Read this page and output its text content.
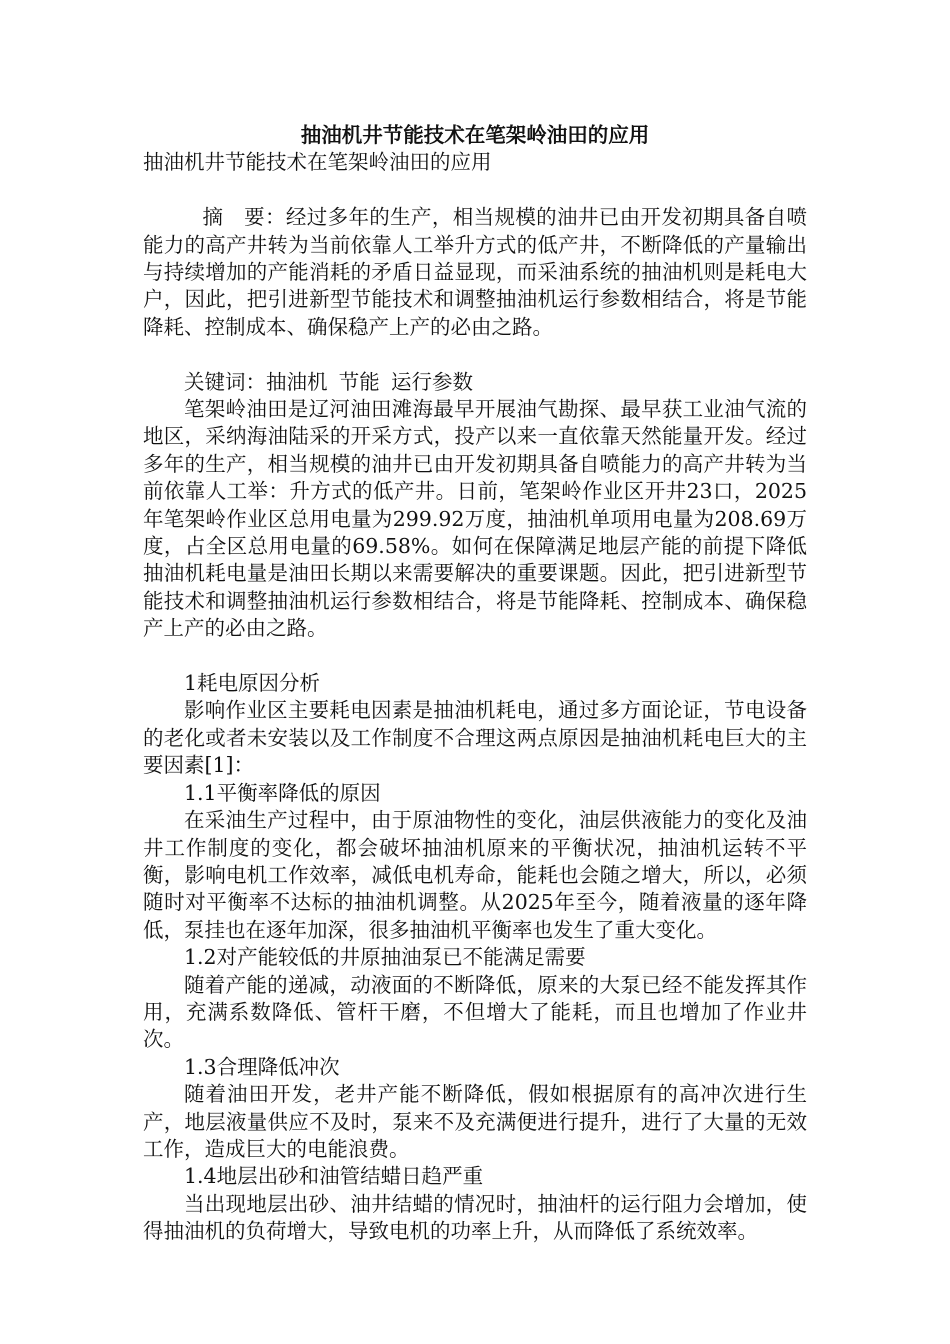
抽油机井节能技术在笔架岭油田的应用

抽油机井节能技术在笔架岭油田的应用

摘　要：经过多年的生产，相当规模的油井已由开发初期具备自喷能力的高产井转为当前依靠人工举升方式的低产井，不断降低的产量输出与持续增加的产能消耗的矛盾日益显现，而采油系统的抽油机则是耗电大户，因此，把引进新型节能技术和调整抽油机运行参数相结合，将是节能降耗、控制成本、确保稳产上产的必由之路。

关键词：抽油机 节能 运行参数

笔架岭油田是辽河油田滩海最早开展油气勘探、最早获工业油气流的地区，采纳海油陆采的开采方式，投产以来一直依靠天然能量开发。经过多年的生产，相当规模的油井已由开发初期具备自喷能力的高产井转为当前依靠人工举：升方式的低产井。日前，笔架岭作业区开井23口，2025年笔架岭作业区总用电量为299.92万度，抽油机单项用电量为208.69万度，占全区总用电量的69.58%。如何在保障满足地层产能的前提下降低抽油机耗电量是油田长期以来需要解决的重要课题。因此，把引进新型节能技术和调整抽油机运行参数相结合，将是节能降耗、控制成本、确保稳产上产的必由之路。

1耗电原因分析

影响作业区主要耗电因素是抽油机耗电，通过多方面论证，节电设备的老化或者未安装以及工作制度不合理这两点原因是抽油机耗电巨大的主要因素[1]：

1.1平衡率降低的原因

在采油生产过程中，由于原油物性的变化，油层供液能力的变化及油井工作制度的变化，都会破坏抽油机原来的平衡状况，抽油机运转不平衡，影响电机工作效率，减低电机寿命，能耗也会随之增大，所以，必须随时对平衡率不达标的抽油机调整。从2025年至今，随着液量的逐年降低，泵挂也在逐年加深，很多抽油机平衡率也发生了重大变化。

1.2对产能较低的井原抽油泵已不能满足需要

随着产能的递减，动液面的不断降低，原来的大泵已经不能发挥其作用，充满系数降低、管杆干磨，不但增大了能耗，而且也增加了作业井次。

1.3合理降低冲次

随着油田开发，老井产能不断降低，假如根据原有的高冲次进行生产，地层液量供应不及时，泵来不及充满便进行提升，进行了大量的无效工作，造成巨大的电能浪费。

1.4地层出砂和油管结蜡日趋严重

当出现地层出砂、油井结蜡的情况时，抽油杆的运行阻力会增加，使得抽油机的负荷增大，导致电机的功率上升，从而降低了系统效率。
